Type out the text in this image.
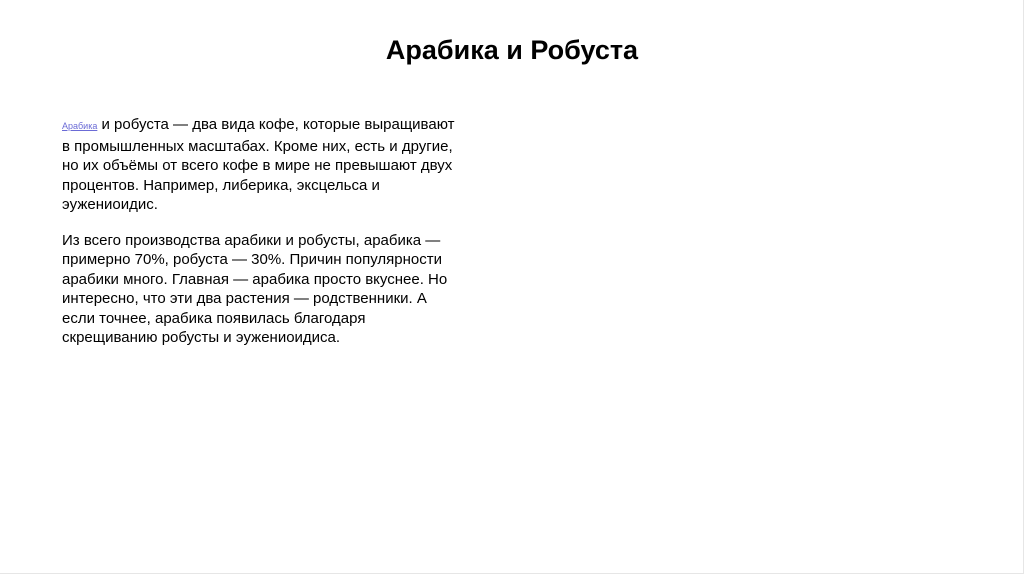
Арабика и Робуста

Арабика и робуста — два вида кофе, которые выращивают в промышленных масштабах. Кроме них, есть и другие, но их объёмы от всего кофе в мире не превышают двух процентов. Например, либерика, эксцельса и эужениоидис.

Из всего производства арабики и робусты, арабика — примерно 70%, робуста — 30%. Причин популярности арабики много. Главная — арабика просто вкуснее. Но интересно, что эти два растения — родственники. А если точнее, арабика появилась благодаря скрещиванию робусты и эужениоидиса.
